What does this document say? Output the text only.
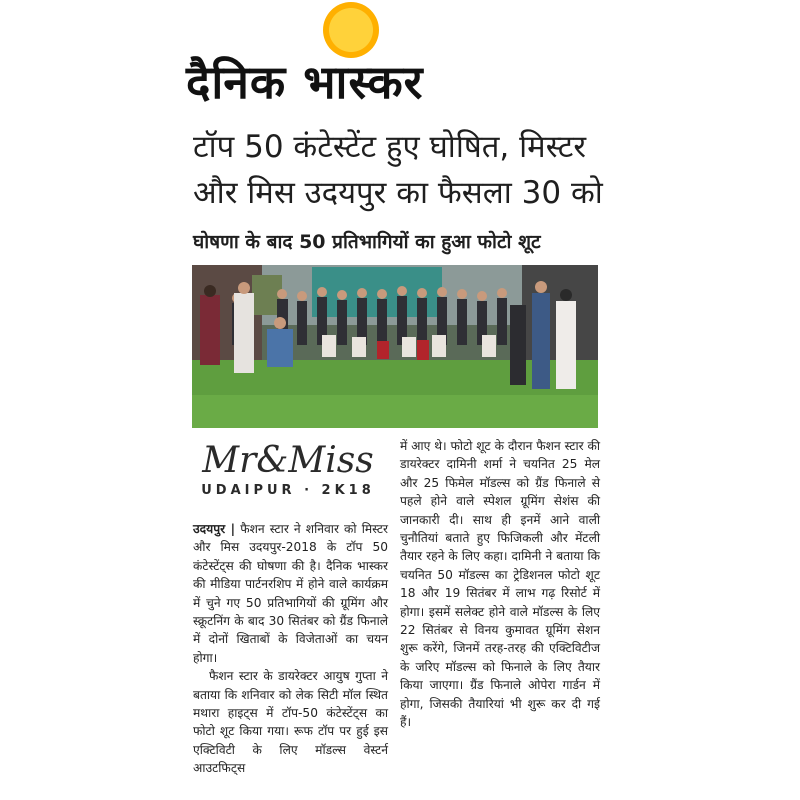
दैनिक भास्कर
टॉप 50 कंटेस्टेंट हुए घोषित, मिस्टर और मिस उदयपुर का फैसला 30 को
घोषणा के बाद 50 प्रतिभागियों का हुआ फोटो शूट
Mr&Miss
UDAIPUR · 2K18

उदयपुर | फैशन स्टार ने शनिवार को मिस्टर और मिस उदयपुर-2018 के टॉप 50 कंटेस्टेंट्स की घोषणा की है। दैनिक भास्कर की मीडिया पार्टनरशिप में होने वाले कार्यक्रम में चुने गए 50 प्रतिभागियों की ग्रूमिंग और स्क्रूटनिंग के बाद 30 सितंबर को ग्रैंड फिनाले में दोनों खिताबों के विजेताओं का चयन होगा।

फैशन स्टार के डायरेक्टर आयुष गुप्ता ने बताया कि शनिवार को लेक सिटी मॉल स्थित मथारा हाइट्स में टॉप-50 कंटेस्टेंट्स का फोटो शूट किया गया। रूफ टॉप पर हुई इस एक्टिविटी के लिए मॉडल्स वेस्टर्न आउटफिट्स

में आए थे। फोटो शूट के दौरान फैशन स्टार की डायरेक्टर दामिनी शर्मा ने चयनित 25 मेल और 25 फिमेल मॉडल्स को ग्रैंड फिनाले से पहले होने वाले स्पेशल ग्रूमिंग सेशंस की जानकारी दी। साथ ही इनमें आने वाली चुनौतियां बताते हुए फिजिकली और मेंटली तैयार रहने के लिए कहा। दामिनी ने बताया कि चयनित 50 मॉडल्स का ट्रेडिशनल फोटो शूट 18 और 19 सितंबर में लाभ गढ़ रिसोर्ट में होगा। इसमें सलेक्ट होने वाले मॉडल्स के लिए 22 सितंबर से विनय कुमावत ग्रूमिंग सेशन शुरू करेंगे, जिनमें तरह-तरह की एक्टिविटीज के जरिए मॉडल्स को फिनाले के लिए तैयार किया जाएगा। ग्रैंड फिनाले ओपेरा गार्डन में होगा, जिसकी तैयारियां भी शुरू कर दी गई हैं।
